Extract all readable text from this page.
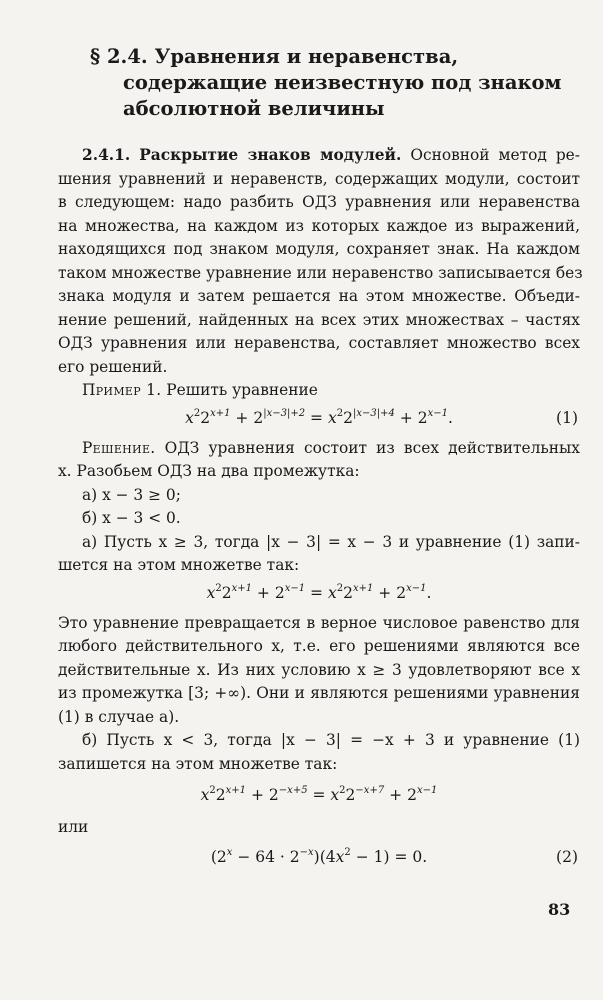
§ 2.4. Уравнения и неравенства,
содержащие неизвестную под знаком
абсолютной величины
2.4.1. Раскрытие знаков модулей. Основной метод ре-
шения уравнений и неравенств, содержащих модули, состоит
в следующем: надо разбить ОДЗ уравнения или неравенства
на множества, на каждом из которых каждое из выражений,
находящихся под знаком модуля, сохраняет знак. На каждом
таком множестве уравнение или неравенство записывается без
знака модуля и затем решается на этом множестве. Объеди-
нение решений, найденных на всех этих множествах – частях
ОДЗ уравнения или неравенства, составляет множество всех
его решений.
Пример 1. Решить уравнение
$x^22^{x+1} + 2^{|x-3|+2} = x^22^{|x-3|+4} + 2^{x-1}$.	(1)
Решение. ОДЗ уравнения состоит из всех действительных
x. Разобьем ОДЗ на два промежутка:
а) x − 3 ≥ 0;
б) x − 3 < 0.
а) Пусть x ≥ 3, тогда |x − 3| = x − 3 и уравнение (1) запи-
шется на этом множетве так:
$x^22^{x+1} + 2^{x-1} = x^22^{x+1} + 2^{x-1}$.
Это уравнение превращается в верное числовое равенство для
любого действительного x, т.е. его решениями являются все
действительные x. Из них условию x ≥ 3 удовлетворяют все x
из промежутка [3; +∞). Они и являются решениями уравнения
(1) в случае а).
б) Пусть x < 3, тогда |x − 3| = −x + 3 и уравнение (1)
запишется на этом множетве так:
$x^22^{x+1} + 2^{-x+5} = x^22^{-x+7} + 2^{x-1}$
или
$(2^x - 64 \cdot 2^{-x})(4x^2 - 1) = 0$.	(2)
83
